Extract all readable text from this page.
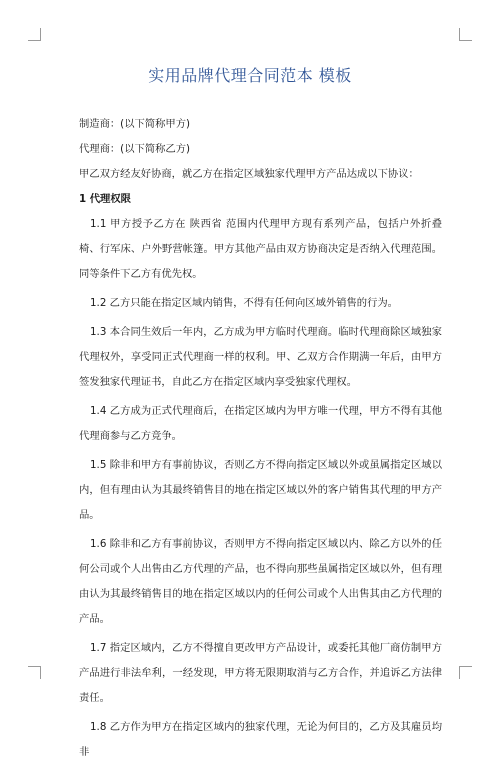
实用品牌代理合同范本 模板

制造商：(以下简称甲方)

代理商：(以下简称乙方)

甲乙双方经友好协商，就乙方在指定区域独家代理甲方产品达成以下协议：

1 代理权限

1.1 甲方授予乙方在 陕西省 范围内代理甲方现有系列产品，包括户外折叠椅、行军床、户外野营帐篷。甲方其他产品由双方协商决定是否纳入代理范围。同等条件下乙方有优先权。

1.2 乙方只能在指定区域内销售，不得有任何向区域外销售的行为。

1.3 本合同生效后一年内，乙方成为甲方临时代理商。临时代理商除区域独家代理权外，享受同正式代理商一样的权利。甲、乙双方合作期满一年后，由甲方签发独家代理证书，自此乙方在指定区域内享受独家代理权。

1.4 乙方成为正式代理商后，在指定区域内为甲方唯一代理，甲方不得有其他代理商参与乙方竞争。

1.5 除非和甲方有事前协议，否则乙方不得向指定区域以外或虽属指定区域以内，但有理由认为其最终销售目的地在指定区域以外的客户销售其代理的甲方产品。

1.6 除非和乙方有事前协议，否则甲方不得向指定区域以内、除乙方以外的任何公司或个人出售由乙方代理的产品，也不得向那些虽属指定区域以外，但有理由认为其最终销售目的地在指定区域以内的任何公司或个人出售其由乙方代理的产品。

1.7 指定区域内，乙方不得擅自更改甲方产品设计，或委托其他厂商仿制甲方产品进行非法牟利，一经发现，甲方将无限期取消与乙方合作，并追诉乙方法律责任。

1.8 乙方作为甲方在指定区域内的独家代理，无论为何目的，乙方及其雇员均非
